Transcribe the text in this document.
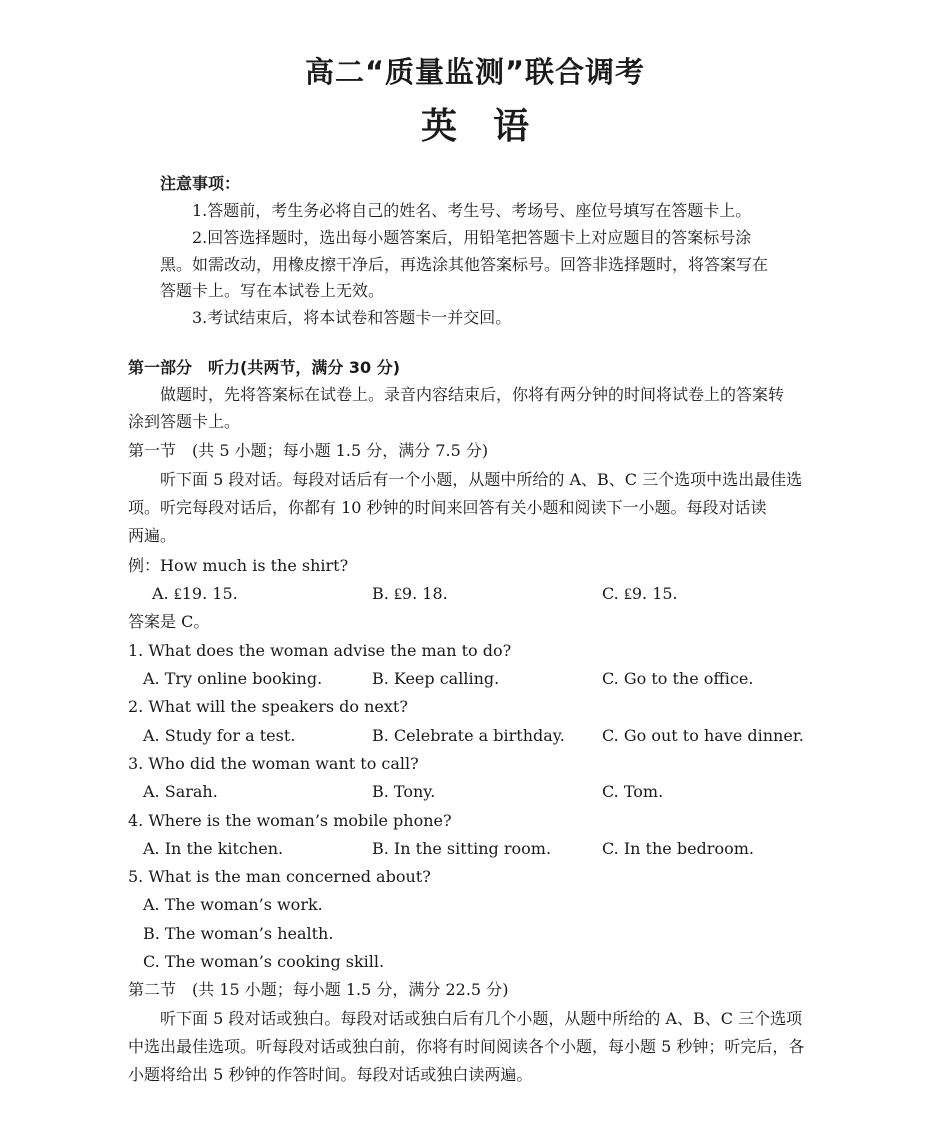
高二“质量监测”联合调考
英　语
注意事项：
1.答题前，考生务必将自己的姓名、考生号、考场号、座位号填写在答题卡上。
2.回答选择题时，选出每小题答案后，用铅笔把答题卡上对应题目的答案标号涂
黑。如需改动，用橡皮擦干净后，再选涂其他答案标号。回答非选择题时，将答案写在
答题卡上。写在本试卷上无效。
3.考试结束后，将本试卷和答题卡一并交回。
第一部分　听力(共两节，满分 30 分)
做题时，先将答案标在试卷上。录音内容结束后，你将有两分钟的时间将试卷上的答案转
涂到答题卡上。
第一节　(共 5 小题；每小题 1.5 分，满分 7.5 分)
听下面 5 段对话。每段对话后有一个小题，从题中所给的 A、B、C 三个选项中选出最佳选
项。听完每段对话后，你都有 10 秒钟的时间来回答有关小题和阅读下一小题。每段对话读
两遍。
例：How much is the shirt?
A. ₤19. 15.	B. ₤9. 18.	C. ₤9. 15.
答案是 C。
1. What does the woman advise the man to do?
A. Try online booking.	B. Keep calling.	C. Go to the office.
2. What will the speakers do next?
A. Study for a test.	B. Celebrate a birthday. C. Go out to have dinner.
3. Who did the woman want to call?
A. Sarah.	B. Tony.	C. Tom.
4. Where is the woman’s mobile phone?
A. In the kitchen.	B. In the sitting room.	C. In the bedroom.
5. What is the man concerned about?
A. The woman’s work.
B. The woman’s health.
C. The woman’s cooking skill.
第二节　(共 15 小题；每小题 1.5 分，满分 22.5 分)
听下面 5 段对话或独白。每段对话或独白后有几个小题，从题中所给的 A、B、C 三个选项
中选出最佳选项。听每段对话或独白前，你将有时间阅读各个小题，每小题 5 秒钟；听完后，各
小题将给出 5 秒钟的作答时间。每段对话或独白读两遍。
